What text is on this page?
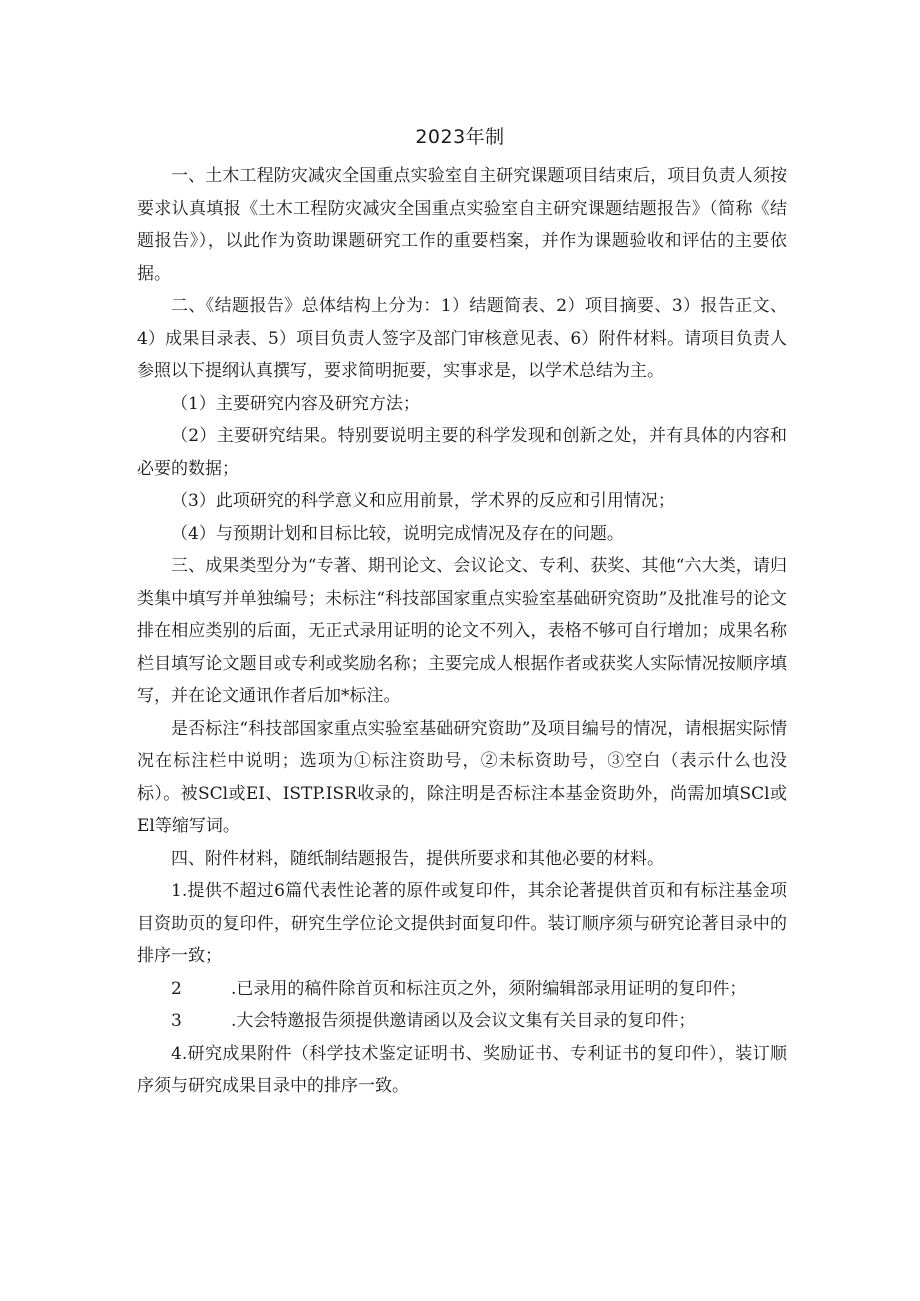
2023年制

一、土木工程防灾减灾全国重点实验室自主研究课题项目结束后，项目负责人须按要求认真填报《土木工程防灾减灾全国重点实验室自主研究课题结题报告》（简称《结题报告》），以此作为资助课题研究工作的重要档案，并作为课题验收和评估的主要依据。

二、《结题报告》总体结构上分为：1）结题简表、2）项目摘要、3）报告正文、4）成果目录表、5）项目负责人签字及部门审核意见表、6）附件材料。请项目负责人参照以下提纲认真撰写，要求简明扼要，实事求是，以学术总结为主。

（1）主要研究内容及研究方法；

（2）主要研究结果。特别要说明主要的科学发现和创新之处，并有具体的内容和必要的数据；

（3）此项研究的科学意义和应用前景，学术界的反应和引用情况；

（4）与预期计划和目标比较，说明完成情况及存在的问题。

三、成果类型分为“专著、期刊论文、会议论文、专利、获奖、其他“六大类，请归类集中填写并单独编号；未标注“科技部国家重点实验室基础研究资助”及批准号的论文排在相应类别的后面，无正式录用证明的论文不列入，表格不够可自行增加；成果名称栏目填写论文题目或专利或奖励名称；主要完成人根据作者或获奖人实际情况按顺序填写，并在论文通讯作者后加*标注。

是否标注“科技部国家重点实验室基础研究资助”及项目编号的情况，请根据实际情况在标注栏中说明；选项为①标注资助号，②未标资助号，③空白（表示什么也没标）。被SCl或EI、ISTP.ISR收录的，除注明是否标注本基金资助外，尚需加填SCl或El等缩写词。

四、附件材料，随纸制结题报告，提供所要求和其他必要的材料。

1.提供不超过6篇代表性论著的原件或复印件，其余论著提供首页和有标注基金项目资助页的复印件，研究生学位论文提供封面复印件。装订顺序须与研究论著目录中的排序一致；

2	.已录用的稿件除首页和标注页之外，须附编辑部录用证明的复印件；
3	.大会特邀报告须提供邀请函以及会议文集有关目录的复印件；

4.研究成果附件（科学技术鉴定证明书、奖励证书、专利证书的复印件），装订顺序须与研究成果目录中的排序一致。
